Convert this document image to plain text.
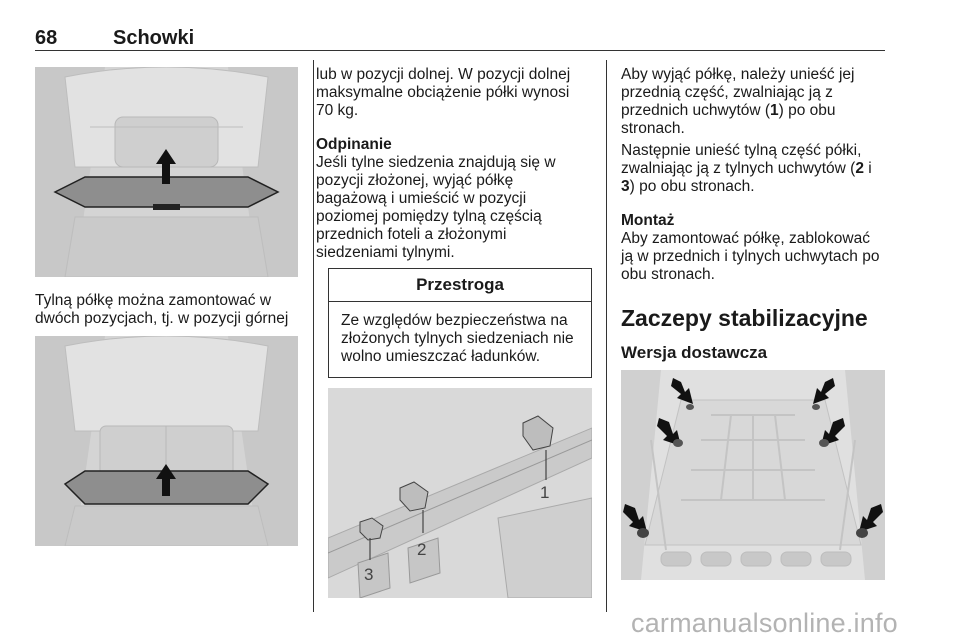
68	Schowki

Tylną półkę można zamontować w

dwóch pozycjach, tj. w pozycji górnej

lub w pozycji dolnej. W pozycji dolnej

maksymalne obciążenie półki wynosi

70 kg.

Odpinanie

Jeśli tylne siedzenia znajdują się w

pozycji złożonej, wyjąć półkę

bagażową i umieścić w pozycji

poziomej pomiędzy tylną częścią

przednich foteli a złożonymi

siedzeniami tylnymi.

Przestroga
Ze względów bezpieczeństwa na
złożonych tylnych siedzeniach nie
wolno umieszczać ładunków.
1
2
3

Aby wyjąć półkę, należy unieść jej

przednią część, zwalniając ją z

przednich uchwytów (1) po obu

stronach.

Następnie unieść tylną część półki,

zwalniając ją z tylnych uchwytów (2 i

3) po obu stronach.

Montaż

Aby zamontować półkę, zablokować

ją w przednich i tylnych uchwytach po

obu stronach.

Zaczepy stabilizacyjne
Wersja dostawcza
carmanualsonline.info
